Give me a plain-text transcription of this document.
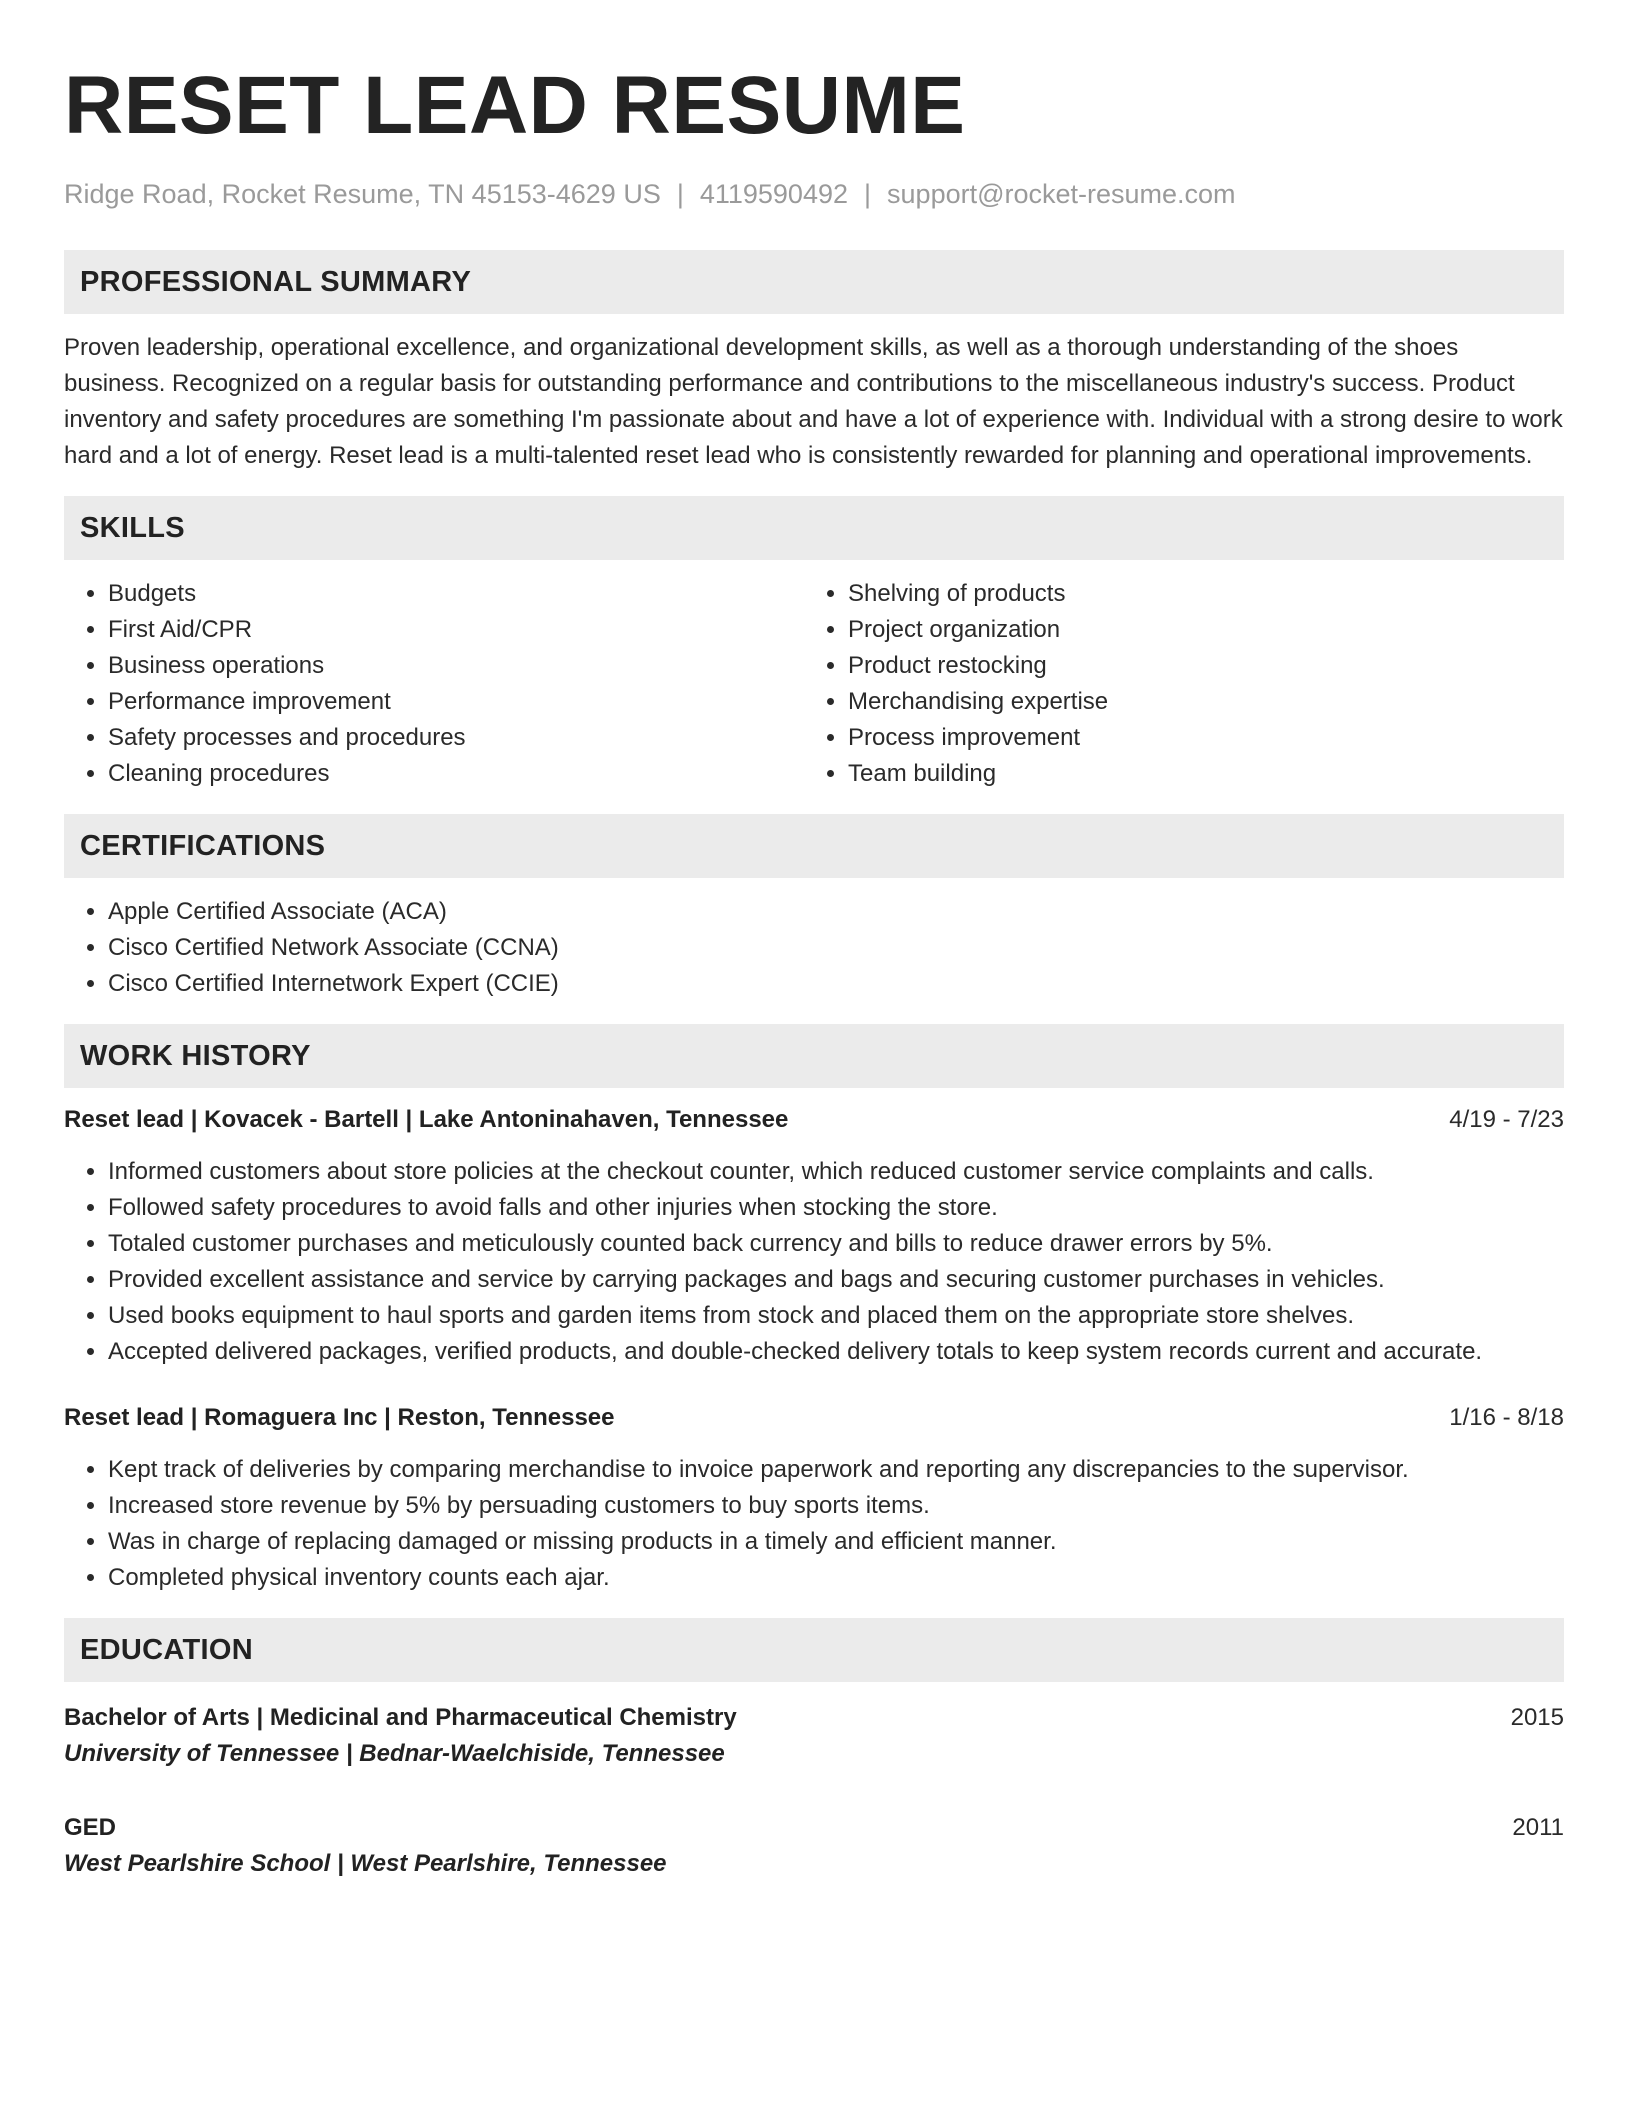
RESET LEAD RESUME
Ridge Road, Rocket Resume, TN 45153-4629 US | 4119590492 | support@rocket-resume.com
PROFESSIONAL SUMMARY

Proven leadership, operational excellence, and organizational development skills, as well as a thorough understanding of the shoes business. Recognized on a regular basis for outstanding performance and contributions to the miscellaneous industry's success. Product inventory and safety procedures are something I'm passionate about and have a lot of experience with. Individual with a strong desire to work hard and a lot of energy. Reset lead is a multi-talented reset lead who is consistently rewarded for planning and operational improvements.

SKILLS
• Budgets
• First Aid/CPR
• Business operations
• Performance improvement
• Safety processes and procedures
• Cleaning procedures
• Shelving of products
• Project organization
• Product restocking
• Merchandising expertise
• Process improvement
• Team building
CERTIFICATIONS
• Apple Certified Associate (ACA)
• Cisco Certified Network Associate (CCNA)
• Cisco Certified Internetwork Expert (CCIE)
WORK HISTORY
Reset lead | Kovacek - Bartell | Lake Antoninahaven, Tennessee	4/19 - 7/23
• Informed customers about store policies at the checkout counter, which reduced customer service complaints and calls.
• Followed safety procedures to avoid falls and other injuries when stocking the store.
• Totaled customer purchases and meticulously counted back currency and bills to reduce drawer errors by 5%.
• Provided excellent assistance and service by carrying packages and bags and securing customer purchases in vehicles.
• Used books equipment to haul sports and garden items from stock and placed them on the appropriate store shelves.
• Accepted delivered packages, verified products, and double-checked delivery totals to keep system records current and accurate.
Reset lead | Romaguera Inc | Reston, Tennessee	1/16 - 8/18
• Kept track of deliveries by comparing merchandise to invoice paperwork and reporting any discrepancies to the supervisor.
• Increased store revenue by 5% by persuading customers to buy sports items.
• Was in charge of replacing damaged or missing products in a timely and efficient manner.
• Completed physical inventory counts each ajar.
EDUCATION
Bachelor of Arts | Medicinal and Pharmaceutical Chemistry	2015
University of Tennessee | Bednar-Waelchiside, Tennessee
GED	2011
West Pearlshire School | West Pearlshire, Tennessee
